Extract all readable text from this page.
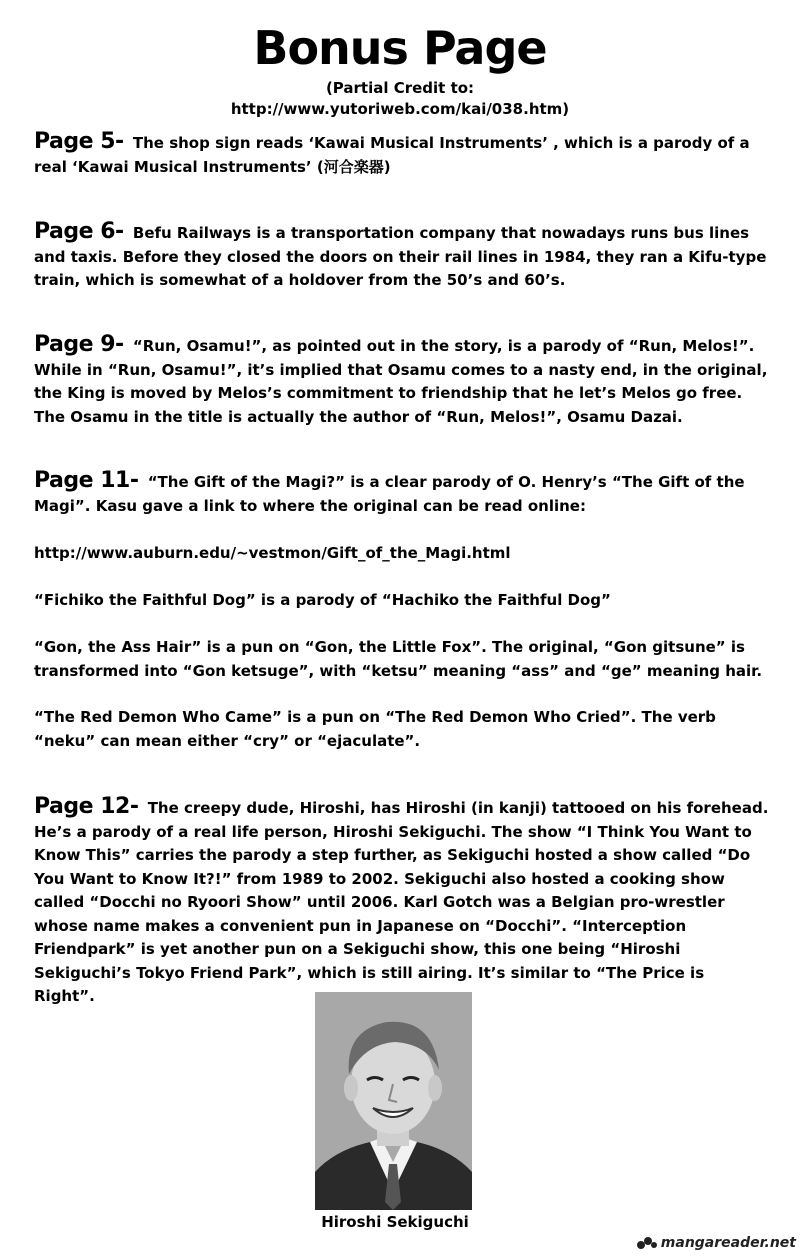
Bonus Page
(Partial Credit to:
http://www.yutoriweb.com/kai/038.htm)
Page 5- The shop sign reads ‘Kawai Musical Instruments’ , which is a parody of a real ‘Kawai Musical Instruments’ (河合楽器)
Page 6- Befu Railways is a transportation company that nowadays runs bus lines and taxis. Before they closed the doors on their rail lines in 1984, they ran a Kifu-type train, which is somewhat of a holdover from the 50’s and 60’s.
Page 9- “Run, Osamu!”, as pointed out in the story, is a parody of “Run, Melos!”. While in “Run, Osamu!”, it’s implied that Osamu comes to a nasty end, in the original, the King is moved by Melos’s commitment to friendship that he let’s Melos go free. The Osamu in the title is actually the author of “Run, Melos!”, Osamu Dazai.
Page 11- “The Gift of the Magi?” is a clear parody of O. Henry’s “The Gift of the Magi”. Kasu gave a link to where the original can be read online:
http://www.auburn.edu/~vestmon/Gift_of_the_Magi.html
“Fichiko the Faithful Dog” is a parody of “Hachiko the Faithful Dog”
“Gon, the Ass Hair” is a pun on “Gon, the Little Fox”. The original, “Gon gitsune” is transformed into “Gon ketsuge”, with “ketsu” meaning “ass” and “ge” meaning hair.
“The Red Demon Who Came” is a pun on “The Red Demon Who Cried”. The verb “neku” can mean either “cry” or “ejaculate”.
Page 12- The creepy dude, Hiroshi, has Hiroshi (in kanji) tattooed on his forehead. He’s a parody of a real life person, Hiroshi Sekiguchi. The show “I Think You Want to Know This” carries the parody a step further, as Sekiguchi hosted a show called “Do You Want to Know It?!” from 1989 to 2002. Sekiguchi also hosted a cooking show called “Docchi no Ryoori Show” until 2006. Karl Gotch was a Belgian pro-wrestler whose name makes a convenient pun in Japanese on “Docchi”. “Interception Friendpark” is yet another pun on a Sekiguchi show, this one being “Hiroshi Sekiguchi’s Tokyo Friend Park”, which is still airing. It’s similar to “The Price is Right”.
Hiroshi Sekiguchi
mangareader.net
